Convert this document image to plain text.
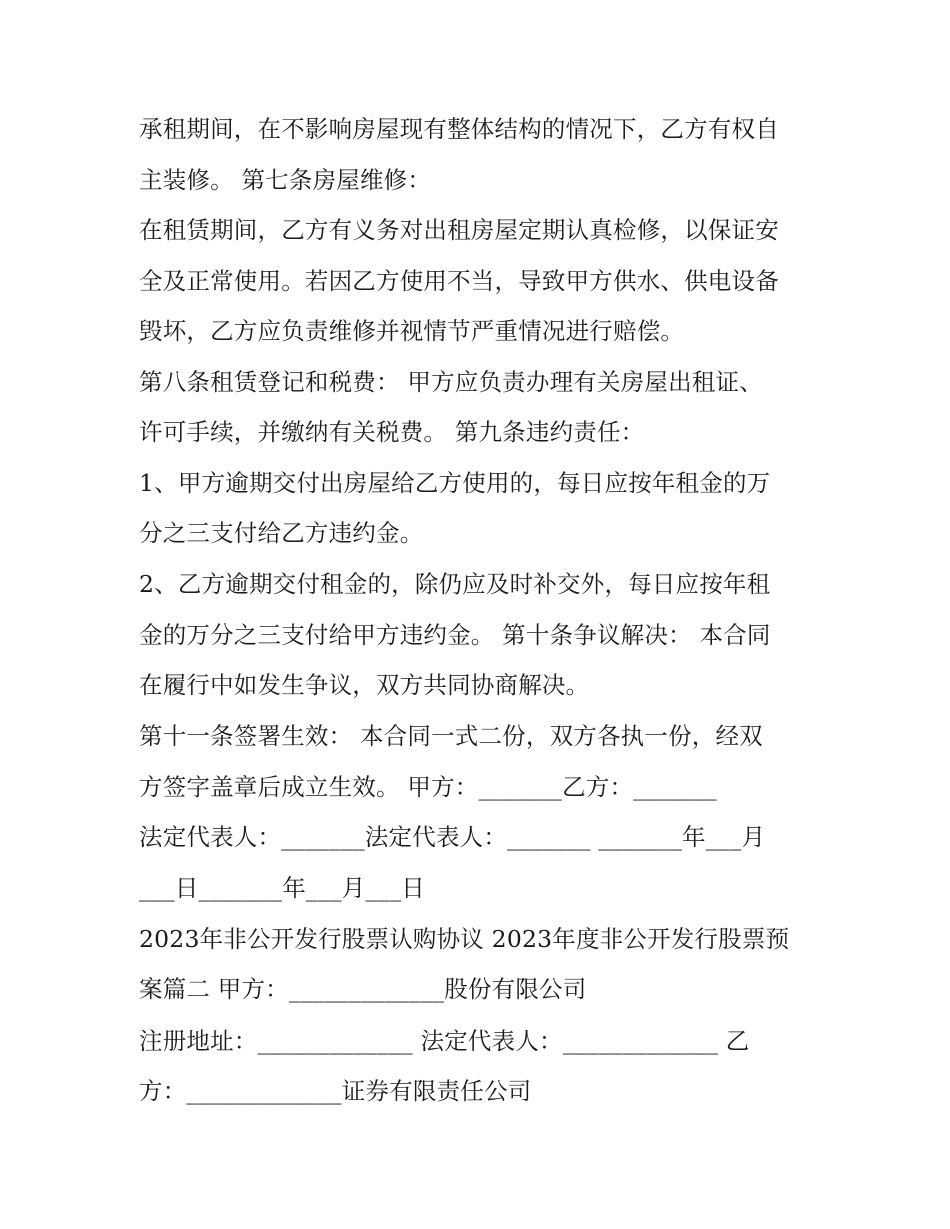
承租期间，在不影响房屋现有整体结构的情况下，乙方有权自
主装修。 第七条房屋维修：
在租赁期间，乙方有义务对出租房屋定期认真检修，以保证安
全及正常使用。若因乙方使用不当，导致甲方供水、供电设备
毁坏，乙方应负责维修并视情节严重情况进行赔偿。
第八条租赁登记和税费： 甲方应负责办理有关房屋出租证、
许可手续，并缴纳有关税费。 第九条违约责任：
1、甲方逾期交付出房屋给乙方使用的，每日应按年租金的万
分之三支付给乙方违约金。
2、乙方逾期交付租金的，除仍应及时补交外，每日应按年租
金的万分之三支付给甲方违约金。 第十条争议解决： 本合同
在履行中如发生争议，双方共同协商解决。
第十一条签署生效： 本合同一式二份，双方各执一份，经双
方签字盖章后成立生效。 甲方：_______乙方：_______
法定代表人：_______法定代表人：_______ _______年___月
___日_______年___月___日
2023年非公开发行股票认购协议 2023年度非公开发行股票预
案篇二 甲方：_____________股份有限公司
注册地址：_____________ 法定代表人：_____________ 乙
方：_____________证券有限责任公司
